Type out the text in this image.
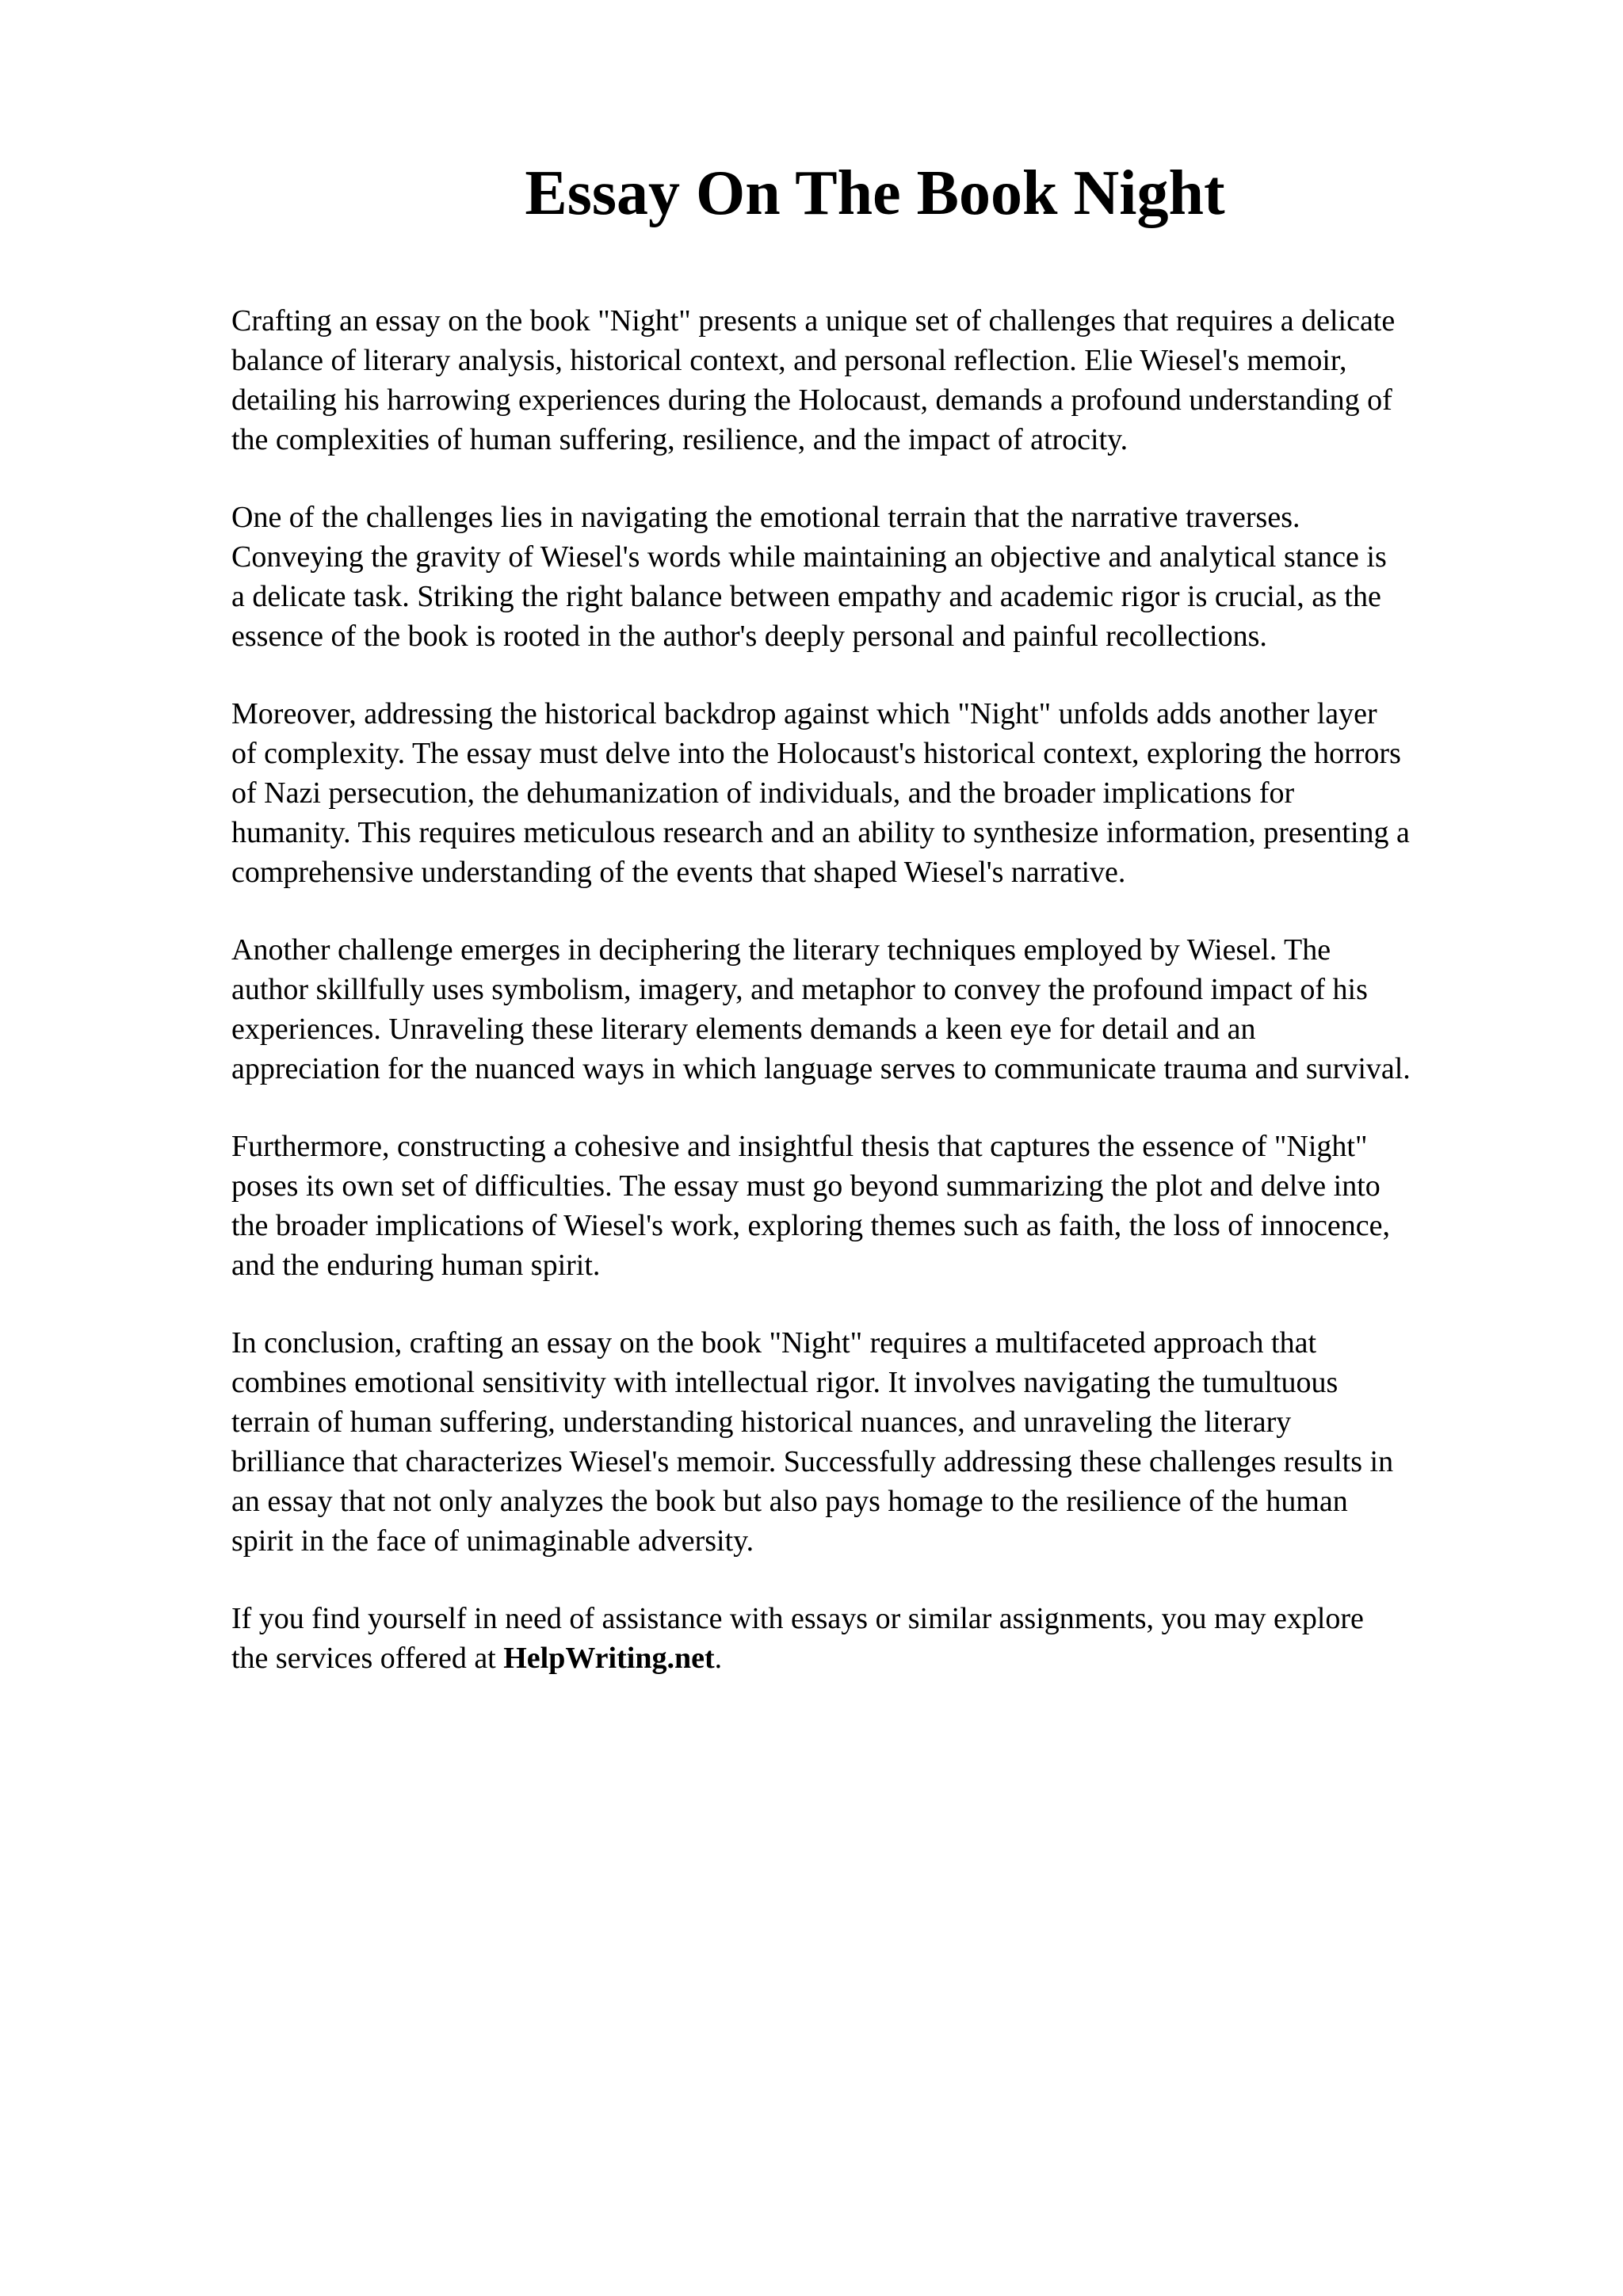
Essay On The Book Night

Crafting an essay on the book "Night" presents a unique set of challenges that requires a delicate
balance of literary analysis, historical context, and personal reflection. Elie Wiesel's memoir,
detailing his harrowing experiences during the Holocaust, demands a profound understanding of
the complexities of human suffering, resilience, and the impact of atrocity.

One of the challenges lies in navigating the emotional terrain that the narrative traverses.
Conveying the gravity of Wiesel's words while maintaining an objective and analytical stance is
a delicate task. Striking the right balance between empathy and academic rigor is crucial, as the
essence of the book is rooted in the author's deeply personal and painful recollections.

Moreover, addressing the historical backdrop against which "Night" unfolds adds another layer
of complexity. The essay must delve into the Holocaust's historical context, exploring the horrors
of Nazi persecution, the dehumanization of individuals, and the broader implications for
humanity. This requires meticulous research and an ability to synthesize information, presenting a
comprehensive understanding of the events that shaped Wiesel's narrative.

Another challenge emerges in deciphering the literary techniques employed by Wiesel. The
author skillfully uses symbolism, imagery, and metaphor to convey the profound impact of his
experiences. Unraveling these literary elements demands a keen eye for detail and an
appreciation for the nuanced ways in which language serves to communicate trauma and survival.

Furthermore, constructing a cohesive and insightful thesis that captures the essence of "Night"
poses its own set of difficulties. The essay must go beyond summarizing the plot and delve into
the broader implications of Wiesel's work, exploring themes such as faith, the loss of innocence,
and the enduring human spirit.

In conclusion, crafting an essay on the book "Night" requires a multifaceted approach that
combines emotional sensitivity with intellectual rigor. It involves navigating the tumultuous
terrain of human suffering, understanding historical nuances, and unraveling the literary
brilliance that characterizes Wiesel's memoir. Successfully addressing these challenges results in
an essay that not only analyzes the book but also pays homage to the resilience of the human
spirit in the face of unimaginable adversity.

If you find yourself in need of assistance with essays or similar assignments, you may explore
the services offered at HelpWriting.net.
